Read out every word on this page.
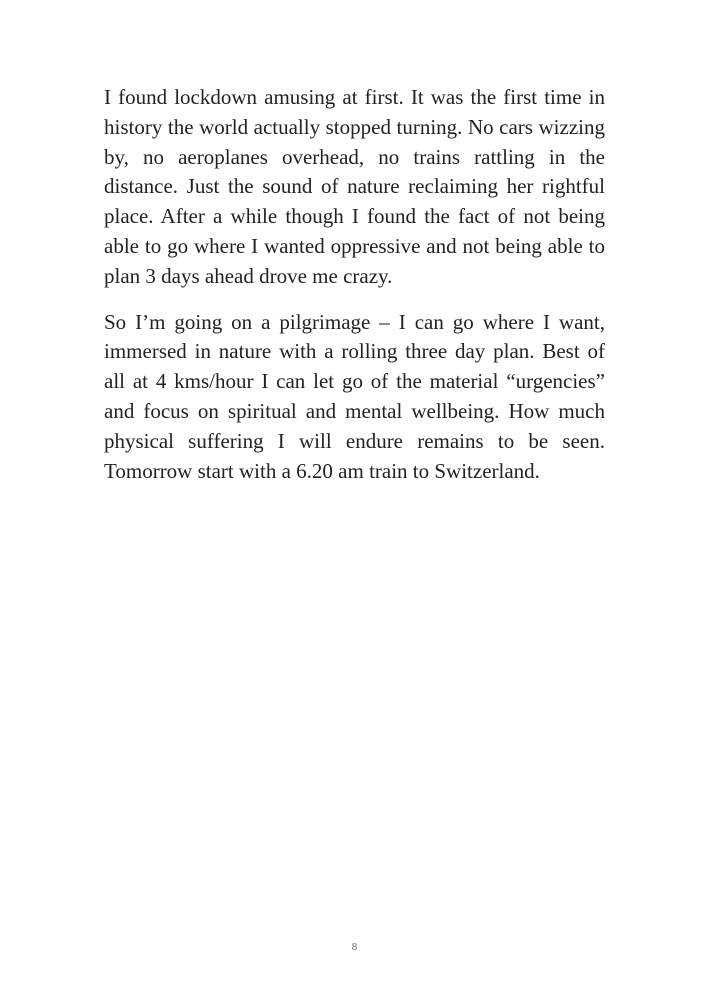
I found lockdown amusing at first. It was the first time in history the world actually stopped turning. No cars wizzing by, no aeroplanes overhead, no trains rattling in the distance. Just the sound of nature reclaiming her rightful place. After a while though I found the fact of not being able to go where I wanted oppressive and not being able to plan 3 days ahead drove me crazy.

So I’m going on a pilgrimage – I can go where I want, immersed in nature with a rolling three day plan. Best of all at 4 kms/hour I can let go of the material “urgencies” and focus on spiritual and mental wellbeing. How much physical suffering I will endure remains to be seen. Tomorrow start with a 6.20 am train to Switzerland.

8
